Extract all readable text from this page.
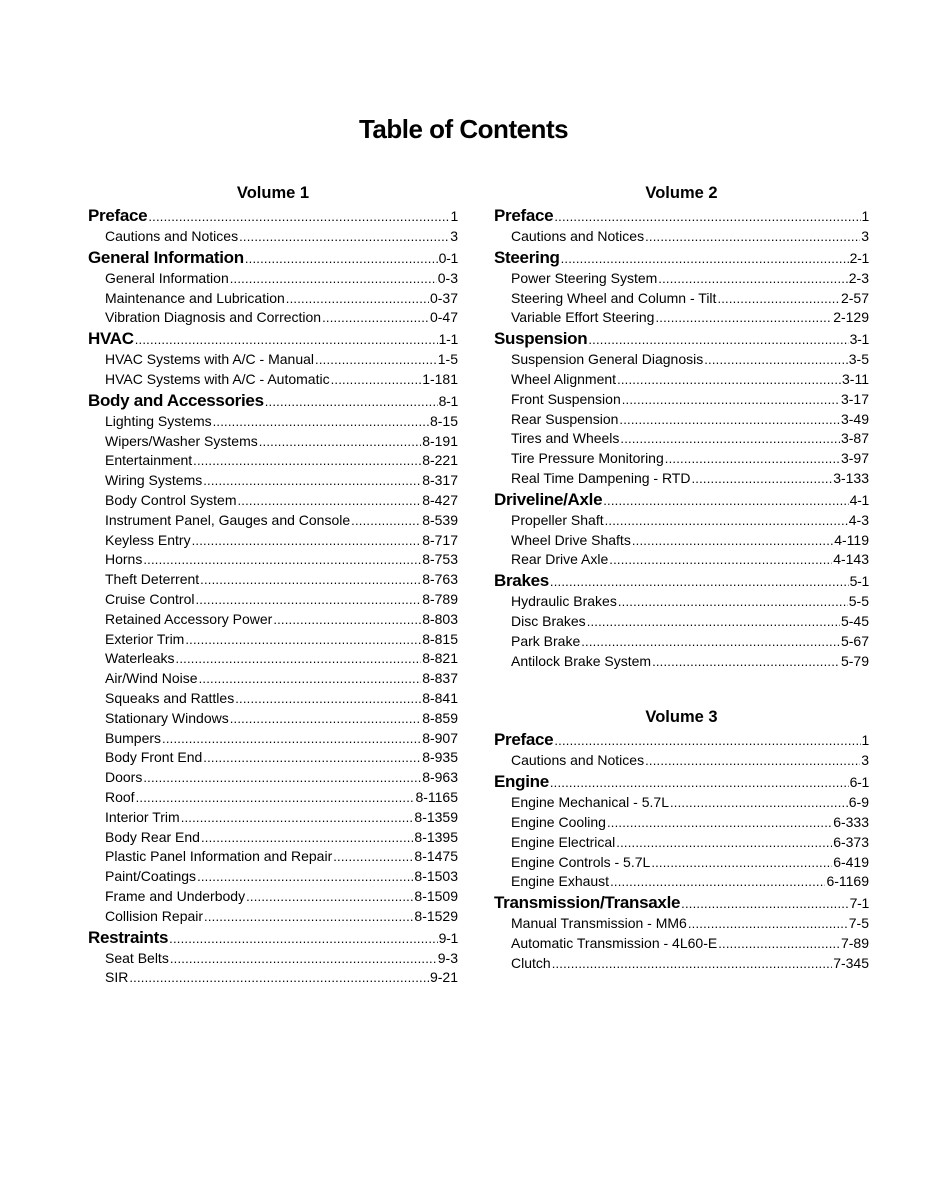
Table of Contents
Volume 1
Preface .....	1
Cautions and Notices .....	3
General Information .....	0-1
General Information .....	0-3
Maintenance and Lubrication .....	0-37
Vibration Diagnosis and Correction .....	0-47
HVAC .....	1-1
HVAC Systems with A/C - Manual .....	1-5
HVAC Systems with A/C - Automatic .....	1-181
Body and Accessories .....	8-1
Lighting Systems .....	8-15
Wipers/Washer Systems .....	8-191
Entertainment .....	8-221
Wiring Systems .....	8-317
Body Control System .....	8-427
Instrument Panel, Gauges and Console .....	8-539
Keyless Entry .....	8-717
Horns .....	8-753
Theft Deterrent .....	8-763
Cruise Control .....	8-789
Retained Accessory Power .....	8-803
Exterior Trim .....	8-815
Waterleaks .....	8-821
Air/Wind Noise .....	8-837
Squeaks and Rattles .....	8-841
Stationary Windows .....	8-859
Bumpers .....	8-907
Body Front End .....	8-935
Doors .....	8-963
Roof .....	8-1165
Interior Trim .....	8-1359
Body Rear End .....	8-1395
Plastic Panel Information and Repair .....	8-1475
Paint/Coatings .....	8-1503
Frame and Underbody .....	8-1509
Collision Repair .....	8-1529
Restraints .....	9-1
Seat Belts .....	9-3
SIR .....	9-21
Volume 2
Preface .....	1
Cautions and Notices .....	3
Steering .....	2-1
Power Steering System .....	2-3
Steering Wheel and Column - Tilt .....	2-57
Variable Effort Steering .....	2-129
Suspension .....	3-1
Suspension General Diagnosis .....	3-5
Wheel Alignment .....	3-11
Front Suspension .....	3-17
Rear Suspension .....	3-49
Tires and Wheels .....	3-87
Tire Pressure Monitoring .....	3-97
Real Time Dampening - RTD .....	3-133
Driveline/Axle .....	4-1
Propeller Shaft .....	4-3
Wheel Drive Shafts .....	4-119
Rear Drive Axle .....	4-143
Brakes .....	5-1
Hydraulic Brakes .....	5-5
Disc Brakes .....	5-45
Park Brake .....	5-67
Antilock Brake System .....	5-79
Volume 3
Preface .....	1
Cautions and Notices .....	3
Engine .....	6-1
Engine Mechanical - 5.7L .....	6-9
Engine Cooling .....	6-333
Engine Electrical .....	6-373
Engine Controls - 5.7L .....	6-419
Engine Exhaust .....	6-1169
Transmission/Transaxle .....	7-1
Manual Transmission - MM6 .....	7-5
Automatic Transmission - 4L60-E .....	7-89
Clutch .....	7-345
